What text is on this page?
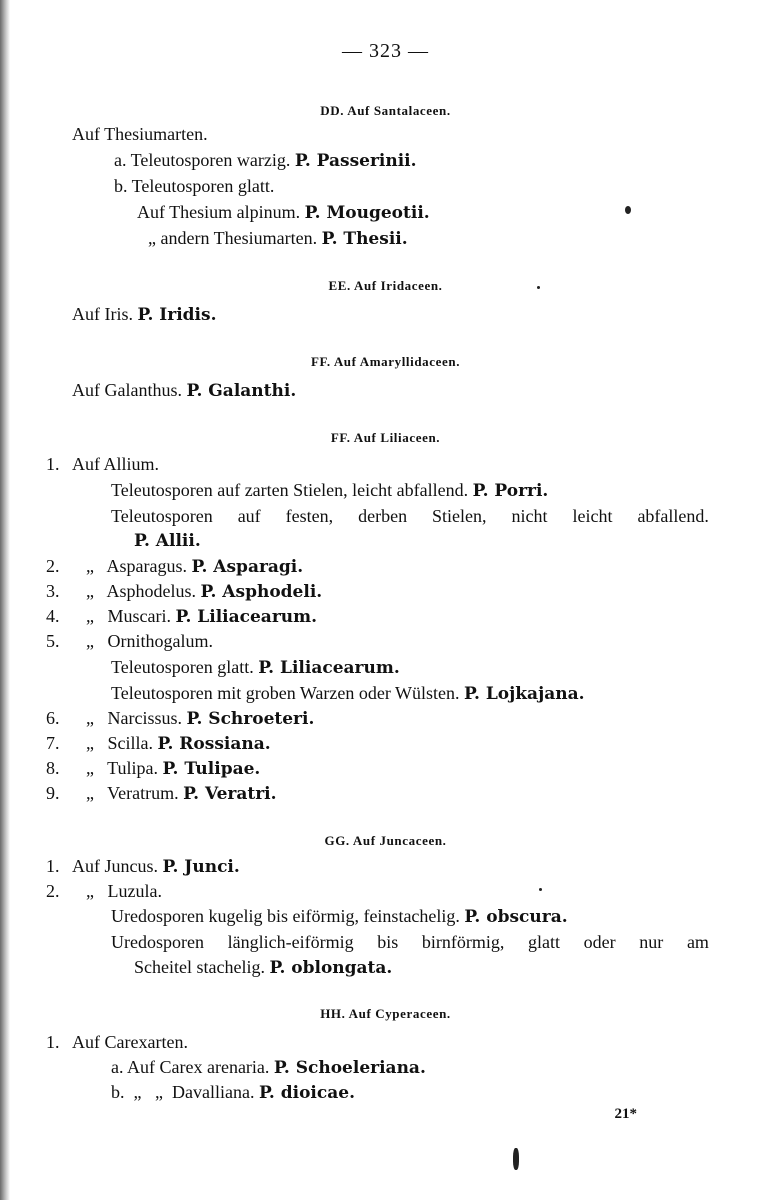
— 323 —
DD. Auf Santalaceen.
Auf Thesiumarten.
a. Teleutosporen warzig. P. Passerinii.
b. Teleutosporen glatt.
Auf Thesium alpinum. P. Mougeotii.
„ andern Thesiumarten. P. Thesii.
EE. Auf Iridaceen.
Auf Iris. P. Iridis.
FF. Auf Amaryllidaceen.
Auf Galanthus. P. Galanthi.
FF. Auf Liliaceen.
1. Auf Allium.
Teleutosporen auf zarten Stielen, leicht abfallend. P. Porri.
Teleutosporen auf festen, derben Stielen, nicht leicht abfallend.
P. Allii.
2. „   Asparagus. P. Asparagi.
3. „   Asphodelus. P. Asphodeli.
4. „   Muscari. P. Liliacearum.
5. „   Ornithogalum.
Teleutosporen glatt. P. Liliacearum.
Teleutosporen mit groben Warzen oder Wülsten. P. Lojkajana.
6. „   Narcissus. P. Schroeteri.
7. „   Scilla. P. Rossiana.
8. „   Tulipa. P. Tulipae.
9. „   Veratrum. P. Veratri.
GG. Auf Juncaceen.
1. Auf Juncus. P. Junci.
2. „   Luzula.
Uredosporen kugelig bis eiförmig, feinstachelig. P. obscura.
Uredosporen länglich-eiförmig bis birnförmig, glatt oder nur am
Scheitel stachelig. P. oblongata.
HH. Auf Cyperaceen.
1. Auf Carexarten.
a. Auf Carex arenaria. P. Schoeleriana.
b.  „   „  Davalliana. P. dioicae.
21*
